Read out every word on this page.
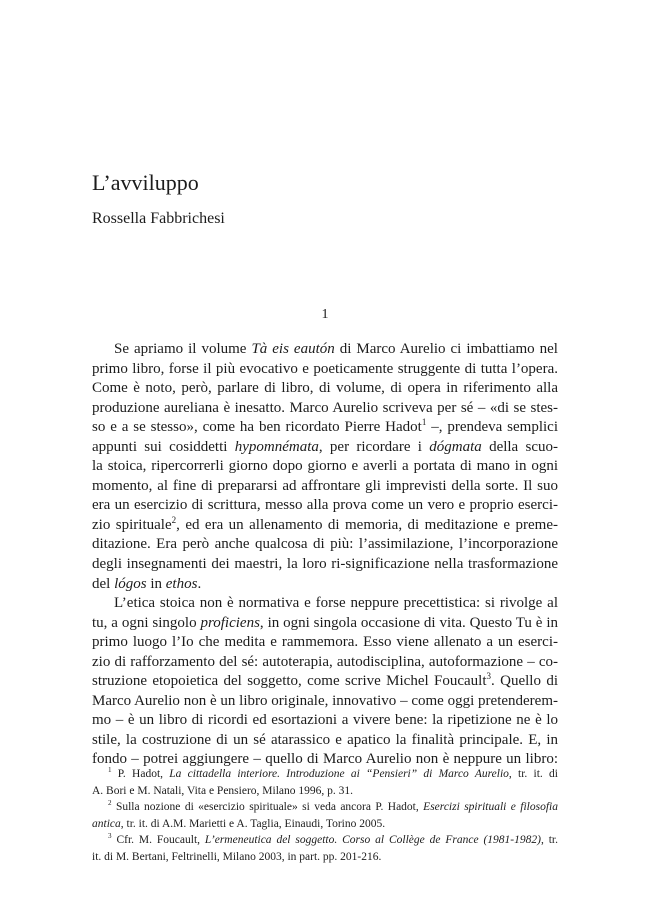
L’avviluppo
Rossella Fabbrichesi
1
Se apriamo il volume Tà eis eautón di Marco Aurelio ci imbattiamo nel
primo libro, forse il più evocativo e poeticamente struggente di tutta l’opera.
Come è noto, però, parlare di libro, di volume, di opera in riferimento alla
produzione aureliana è inesatto. Marco Aurelio scriveva per sé – «di se stes-
so e a se stesso», come ha ben ricordato Pierre Hadot$^1$ –, prendeva semplici
appunti sui cosiddetti hypomnémata, per ricordare i dógmata della scuo-
la stoica, ripercorrerli giorno dopo giorno e averli a portata di mano in ogni
momento, al fine di prepararsi ad affrontare gli imprevisti della sorte. Il suo
era un esercizio di scrittura, messo alla prova come un vero e proprio eserci-
zio spirituale$^2$, ed era un allenamento di memoria, di meditazione e preme-
ditazione. Era però anche qualcosa di più: l’assimilazione, l’incorporazione
degli insegnamenti dei maestri, la loro ri-significazione nella trasformazione
del lógos in ethos.
L’etica stoica non è normativa e forse neppure precettistica: si rivolge al
tu, a ogni singolo proficiens, in ogni singola occasione di vita. Questo Tu è in
primo luogo l’Io che medita e rammemora. Esso viene allenato a un eserci-
zio di rafforzamento del sé: autoterapia, autodisciplina, autoformazione – co-
struzione etopoietica del soggetto, come scrive Michel Foucault$^3$. Quello di
Marco Aurelio non è un libro originale, innovativo – come oggi pretenderem-
mo – è un libro di ricordi ed esortazioni a vivere bene: la ripetizione ne è lo
stile, la costruzione di un sé atarassico e apatico la finalità principale. E, in
fondo – potrei aggiungere – quello di Marco Aurelio non è neppure un libro:
$^1$ P. Hadot, La cittadella interiore. Introduzione ai “Pensieri” di Marco Aurelio, tr. it. di
A. Bori e M. Natali, Vita e Pensiero, Milano 1996, p. 31.
$^2$ Sulla nozione di «esercizio spirituale» si veda ancora P. Hadot, Esercizi spirituali e filosofia
antica, tr. it. di A.M. Marietti e A. Taglia, Einaudi, Torino 2005.
$^3$ Cfr. M. Foucault, L’ermeneutica del soggetto. Corso al Collège de France (1981-1982), tr.
it. di M. Bertani, Feltrinelli, Milano 2003, in part. pp. 201-216.
